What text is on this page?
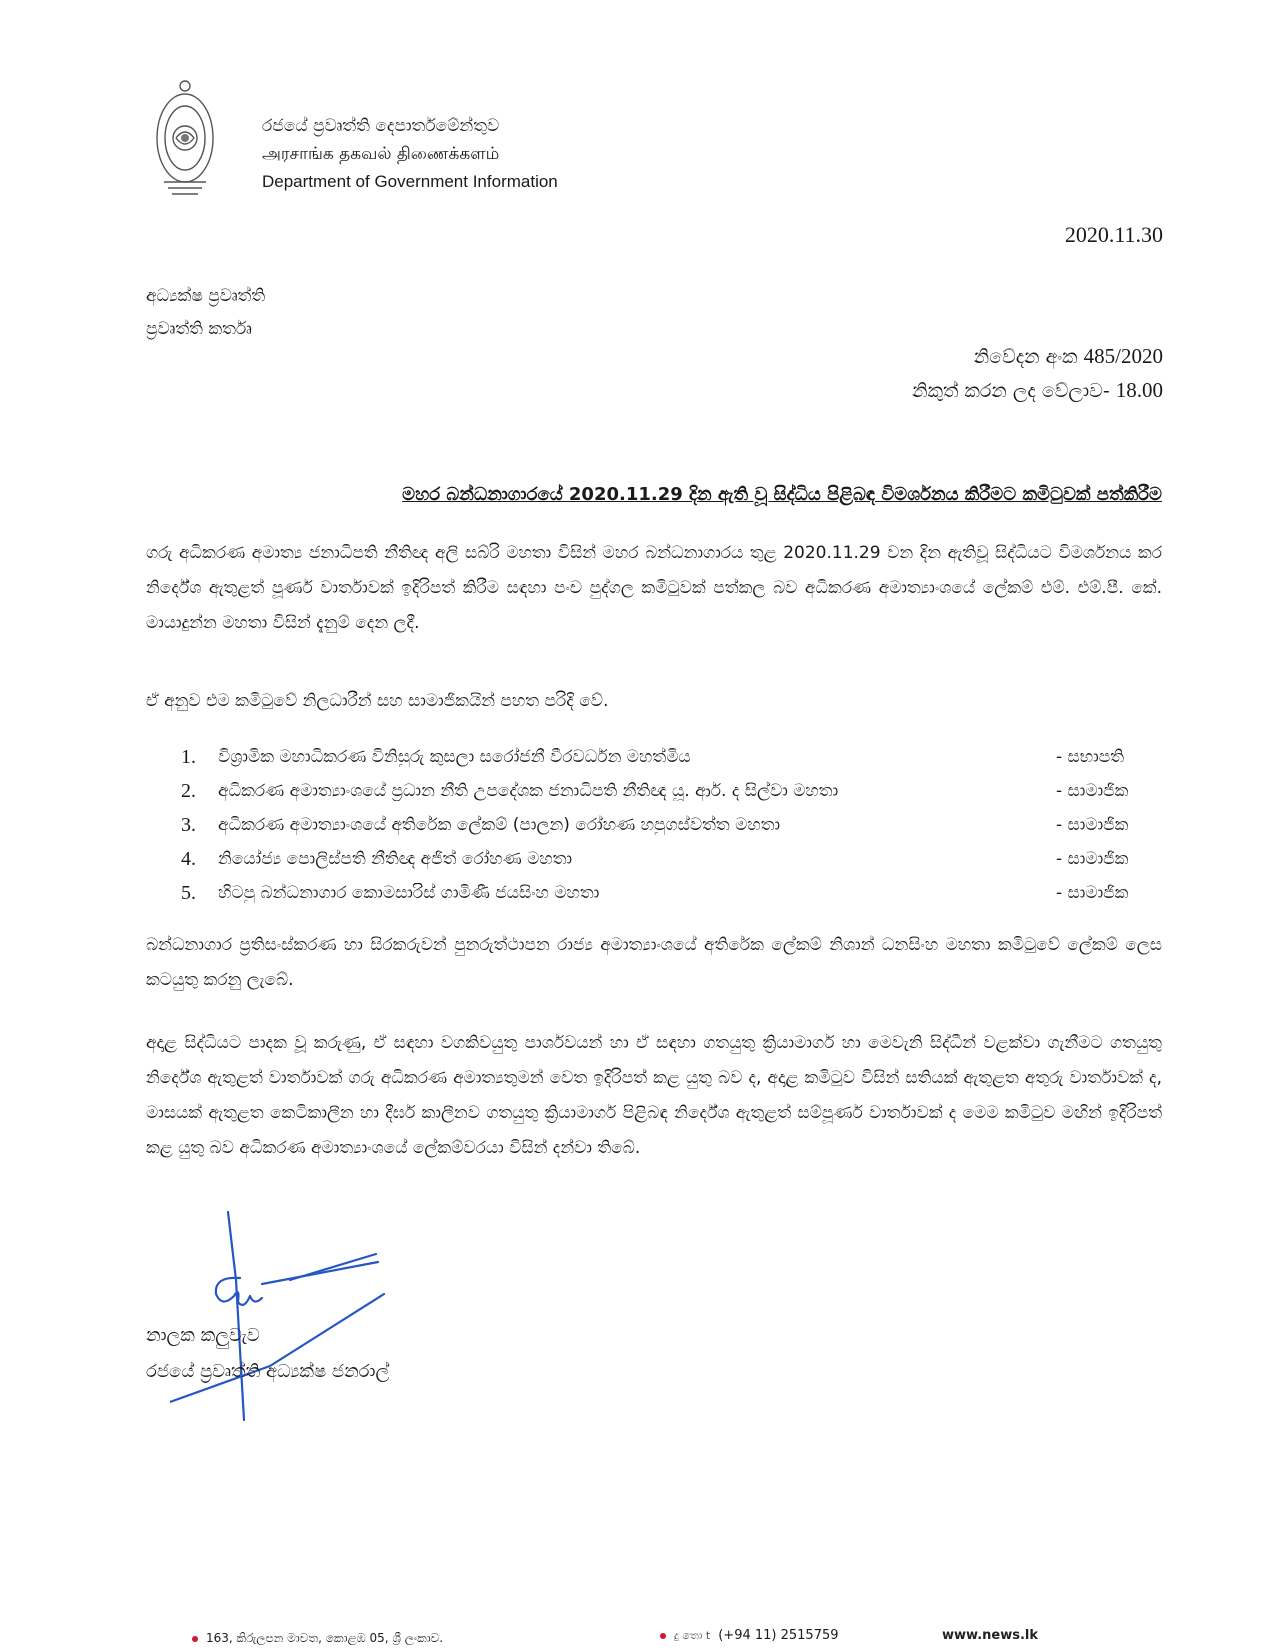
රජයේ ප්‍රවෘත්ති දෙපාර්තමේන්තුව
அரசாங்க தகவல் திணைக்களம்
Department of Government Information
2020.11.30
අධ්‍යක්ෂ ප්‍රවෘත්ති
ප්‍රවෘත්ති කර්තෘ
නිවේදන අංක 485/2020
නිකුත් කරන ලද වේලාව- 18.00
මහර බන්ධනාගාරයේ 2020.11.29 දින ඇති වූ සිද්ධිය පිළිබඳ විමර්ශනය කිරීමට කමිටුවක් පත්කිරීම
ගරු අධිකරණ අමාත්‍ය ජනාධිපති නීතිඥ අලි සබ්රි මහතා විසින් මහර බන්ධනාගාරය තුළ 2020.11.29 වන දින ඇතිවූ සිද්ධියට විමර්ශනය කර නිර්දේශ ඇතුළත් පූර්ණ වාර්තාවක් ඉදිරිපත් කිරීම සඳහා පංච පුද්ගල කමිටුවක් පත්කල බව අධිකරණ අමාත්‍යාංශයේ ලේකම් එම්. එම්.පී. කේ. මායාදුන්න මහතා විසින් දැනුම් දෙන ලදී.
ඒ අනුව එම කමිටුවේ නිලධාරීන් සහ සාමාජිකයින් පහත පරිදි වේ.
1.	විශ්‍රාමික මහාධිකරණ විනිසුරු කුසලා සරෝජනී වීරවර්ධන මහත්මිය	- සභාපති
2.	අධිකරණ අමාත්‍යාංශයේ ප්‍රධාන නීති උපදේශක ජනාධිපති නීතිඥ යූ. ආර්. ද සිල්වා මහතා	- සාමාජික
3.	අධිකරණ අමාත්‍යාංශයේ අතිරේක ලේකම් (පාලන) රෝහණ හපුගස්වත්ත මහතා	- සාමාජික
4.	නියෝජ්‍ය පොලිස්පති නීතිඥ අජිත් රෝහණ මහතා	- සාමාජික
5.	හිටපු බන්ධනාගාර කොමසාරිස් ගාමිණී ජයසිංහ මහතා	- සාමාජික
බන්ධනාගාර ප්‍රතිසංස්කරණ හා සිරකරුවන් පුනරුත්ථාපන රාජ්‍ය අමාත්‍යාංශයේ අතිරේක ලේකම් නිශාන් ධනසිංහ මහතා කමිටුවේ ලේකම් ලෙස කටයුතු කරනු ලැබේ.
අදාළ සිද්ධියට පාදක වූ කරුණු, ඒ සඳහා වගකිවයුතු පාර්ශවයන් හා ඒ සඳහා ගතයුතු ක්‍රියාමාර්ග හා මෙවැනි සිද්ධීන් වළක්වා ගැනීමට ගතයුතු නිර්දේශ ඇතුළත් වාර්තාවක් ගරු අධිකරණ අමාත්‍යතුමන් වෙත ඉදිරිපත් කළ යුතු බව ද, අදාළ කමිටුව විසින් සතියක් ඇතුළත අතුරු වාර්තාවක් ද, මාසයක් ඇතුළත කෙටිකාලීන හා දීර්ඝ කාලීනව ගතයුතු ක්‍රියාමාර්ග පිළිබඳ නිර්දේශ ඇතුළත් සම්පූර්ණ වාර්තාවක් ද මෙම කමිටුව මඟින් ඉදිරිපත් කළ යුතු බව අධිකරණ අමාත්‍යාංශයේ ලේකම්වරයා විසින් දන්වා තිබේ.
නාලක කලුවැව
රජයේ ප්‍රවෘත්ති අධ්‍යක්ෂ ජනරාල්
163, කිරුලපන මාවත, කොළඹ 05, ශ්‍රී ලංකාව.	දු තො t (+94 11) 2515759	www.news.lk
